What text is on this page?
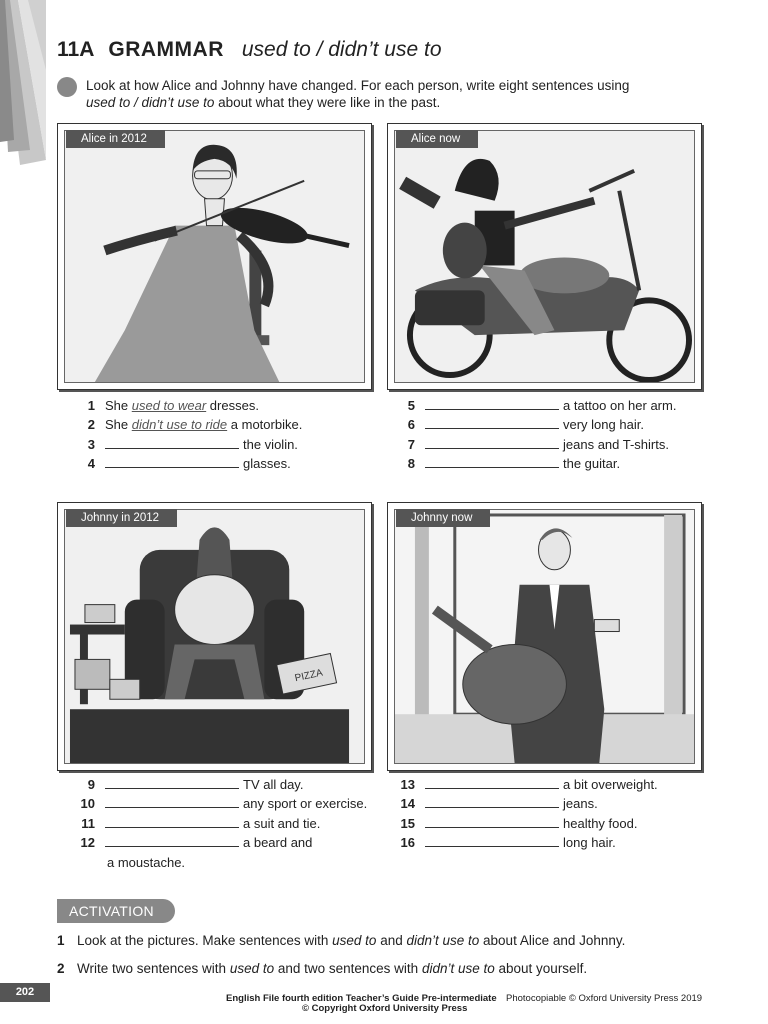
11A GRAMMAR used to / didn’t use to
Look at how Alice and Johnny have changed. For each person, write eight sentences using
used to / didn’t use to about what they were like in the past.
Alice in 2012	Alice now
1 She used to wear dresses.
2 She didn’t use to ride a motorbike.
3	the violin.
4	glasses.
5	a tattoo on her arm.
6	very long hair.
7	jeans and T-shirts.
8	the guitar.
PIZZA
Johnny in 2012	Johnny now
9	TV all day.
10	any sport or exercise.
11	a suit and tie.
12	a beard and
a moustache.
13	a bit overweight.
14	jeans.
15	healthy food.
16	long hair.
ACTIVATION
1 Look at the pictures. Make sentences with used to and didn’t use to about Alice and Johnny.
2 Write two sentences with used to and two sentences with didn’t use to about yourself.
202
English File fourth edition Teacher’s Guide Pre-intermediate Photocopiable © Oxford University Press 2019
© Copyright Oxford University Press
